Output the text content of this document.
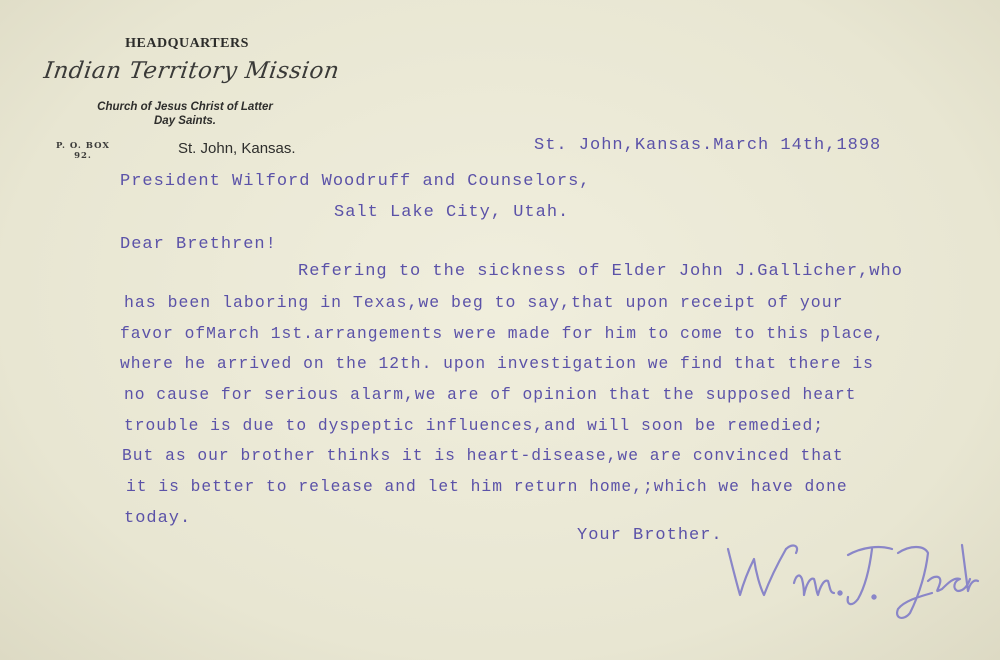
HEADQUARTERS
Indian Territory Mission
Church of Jesus Christ of Latter
Day Saints.
P. O. BOX
92.	St. John, Kansas.	St. John,Kansas.March 14th,1898
President Wilford Woodruff and Counselors,
Salt Lake City, Utah.
Dear Brethren!
Refering to the sickness of Elder John J.Gallicher,who
has been laboring in Texas,we beg to say,that upon receipt of your
favor ofMarch 1st.arrangements were made for him to come to this place,
where he arrived on the 12th. upon investigation we find that there is
no cause for serious alarm,we are of opinion that the supposed heart
trouble is due to dyspeptic influences,and will soon be remedied;
But as our brother thinks it is heart-disease,we are convinced that
it is better to release and let him return home,;which we have done
today.
Your Brother.
